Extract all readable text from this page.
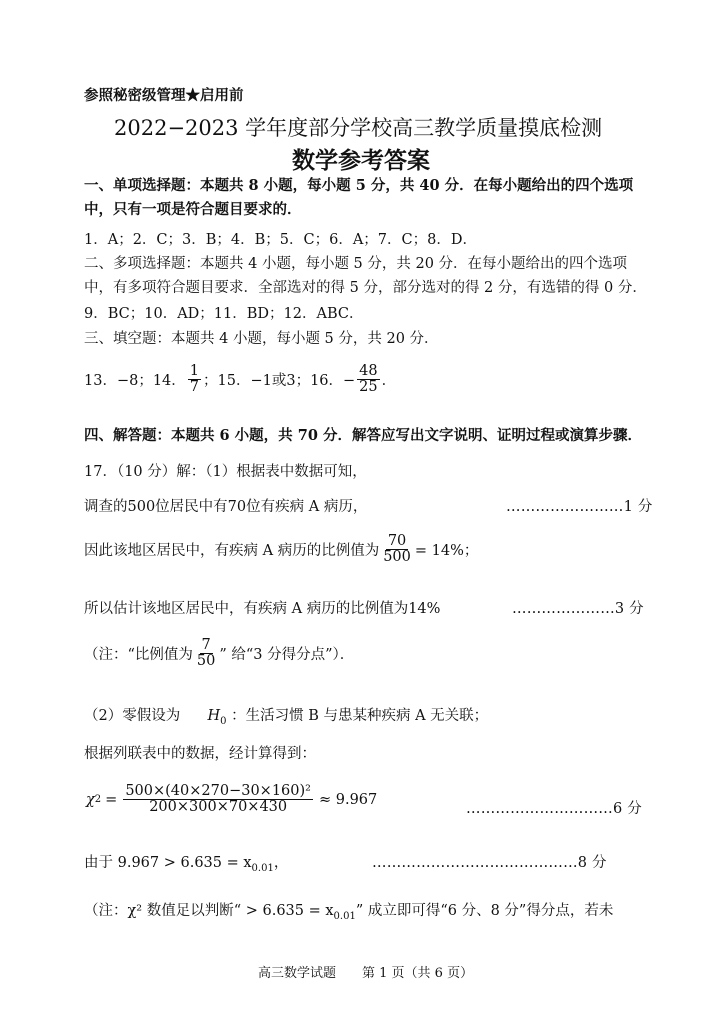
参照秘密级管理★启用前
2022−2023 学年度部分学校高三教学质量摸底检测
数学参考答案
一、单项选择题：本题共 8 小题，每小题 5 分，共 40 分．在每小题给出的四个选项
中，只有一项是符合题目要求的．
1．A；2．C；3．B；4．B；5．C；6．A；7．C；8．D．
二、多项选择题：本题共 4 小题，每小题 5 分，共 20 分．在每小题给出的四个选项
中，有多项符合题目要求．全部选对的得 5 分，部分选对的得 2 分，有选错的得 0 分．
9．BC；10．AD；11．BD；12．ABC．
三、填空题：本题共 4 小题，每小题 5 分，共 20 分．
13．−8；14． $\frac{1}{7}$ ；15．−1或3；16．− $\frac{48}{25}$ ．
四、解答题：本题共 6 小题，共 70 分．解答应写出文字说明、证明过程或演算步骤．
17．（10 分）解：（1）根据表中数据可知，
调查的500位居民中有70位有疾病 A 病历，	……………………1 分
因此该地区居民中，有疾病 A 病历的比例值为 $\frac{70}{500} = 14\%$；
所以估计该地区居民中，有疾病 A 病历的比例值为14%	…………………3 分
（注：“比例值为 $\frac{7}{50}$ ” 给“3 分得分点”）．
（2）零假设为 $H_0$ ：生活习惯 B 与患某种疾病 A 无关联；
根据列联表中的数据，经计算得到：
χ $2 = \frac{\text{500×(40×270−30×160)²}}{200\times 300\times 70\times 430} \approx 9.967$
…………………………6 分
由于 $9.967 > 6.635 = x_{0.01}$，	……………………………………8 分
（注：χ² 数值足以判断“ > $6.635 = x_{0.01}$” 成立即可得“6 分、8 分”得分点，若未
高三数学试题　　第 1 页（共 6 页）
